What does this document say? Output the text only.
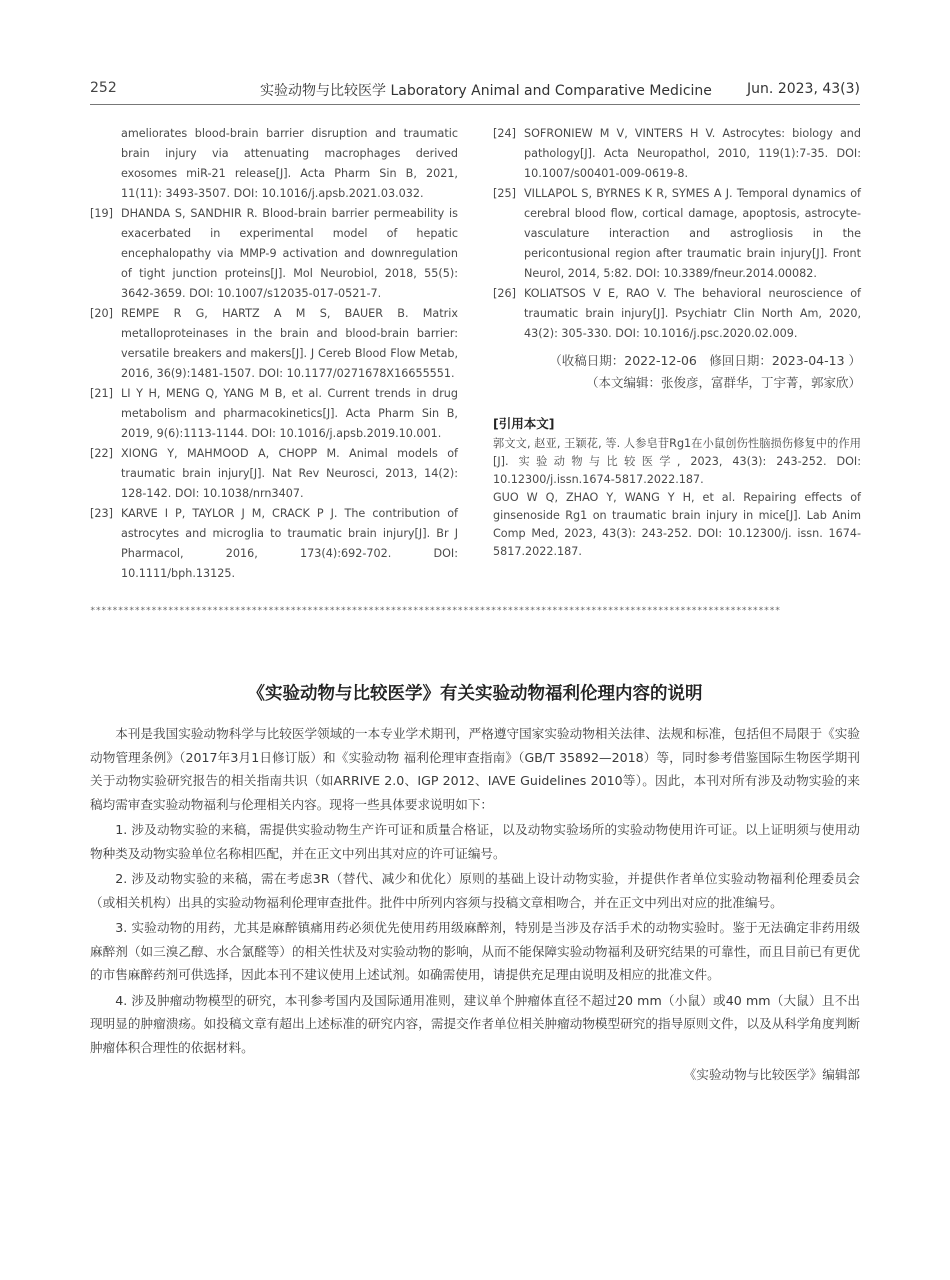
252	实验动物与比较医学 Laboratory Animal and Comparative Medicine	Jun. 2023, 43(3)
ameliorates blood-brain barrier disruption and traumatic brain injury via attenuating macrophages derived exosomes miR-21 release[J]. Acta Pharm Sin B, 2021, 11(11): 3493-3507. DOI: 10.1016/j.apsb.2021.03.032.
[19] DHANDA S, SANDHIR R. Blood-brain barrier permeability is exacerbated in experimental model of hepatic encephalopathy via MMP-9 activation and downregulation of tight junction proteins[J]. Mol Neurobiol, 2018, 55(5): 3642-3659. DOI: 10.1007/s12035-017-0521-7.
[20] REMPE R G, HARTZ A M S, BAUER B. Matrix metalloproteinases in the brain and blood-brain barrier: versatile breakers and makers[J]. J Cereb Blood Flow Metab, 2016, 36(9):1481-1507. DOI: 10.1177/0271678X16655551.
[21] LI Y H, MENG Q, YANG M B, et al. Current trends in drug metabolism and pharmacokinetics[J]. Acta Pharm Sin B, 2019, 9(6):1113-1144. DOI: 10.1016/j.apsb.2019.10.001.
[22] XIONG Y, MAHMOOD A, CHOPP M. Animal models of traumatic brain injury[J]. Nat Rev Neurosci, 2013, 14(2): 128-142. DOI: 10.1038/nrn3407.
[23] KARVE I P, TAYLOR J M, CRACK P J. The contribution of astrocytes and microglia to traumatic brain injury[J]. Br J Pharmacol, 2016, 173(4):692-702. DOI: 10.1111/bph.13125.
[24] SOFRONIEW M V, VINTERS H V. Astrocytes: biology and pathology[J]. Acta Neuropathol, 2010, 119(1):7-35. DOI: 10.1007/s00401-009-0619-8.
[25] VILLAPOL S, BYRNES K R, SYMES A J. Temporal dynamics of cerebral blood flow, cortical damage, apoptosis, astrocyte-vasculature interaction and astrogliosis in the pericontusional region after traumatic brain injury[J]. Front Neurol, 2014, 5:82. DOI: 10.3389/fneur.2014.00082.
[26] KOLIATSOS V E, RAO V. The behavioral neuroscience of traumatic brain injury[J]. Psychiatr Clin North Am, 2020, 43(2): 305-330. DOI: 10.1016/j.psc.2020.02.009.
（收稿日期：2022-12-06　修回日期：2023-04-13 ）
（本文编辑：张俊彦，富群华，丁宇菁，郭家欣）
[引用本文]
郭文文, 赵亚, 王颖花, 等. 人参皂苷Rg1在小鼠创伤性脑损伤修复中的作用[J]. 实验动物与比较医学, 2023, 43(3): 243-252. DOI: 10.12300/j.issn.1674-5817.2022.187.
GUO W Q, ZHAO Y, WANG Y H, et al. Repairing effects of ginsenoside Rg1 on traumatic brain injury in mice[J]. Lab Anim Comp Med, 2023, 43(3): 243-252. DOI: 10.12300/j. issn. 1674-5817.2022.187.
****************************************************************************************************************************
《实验动物与比较医学》有关实验动物福利伦理内容的说明

本刊是我国实验动物科学与比较医学领域的一本专业学术期刊，严格遵守国家实验动物相关法律、法规和标准，包括但不局限于《实验动物管理条例》（2017年3月1日修订版）和《实验动物 福利伦理审查指南》（GB/T 35892—2018）等，同时参考借鉴国际生物医学期刊关于动物实验研究报告的相关指南共识（如ARRIVE 2.0、IGP 2012、IAVE Guidelines 2010等）。因此，本刊对所有涉及动物实验的来稿均需审查实验动物福利与伦理相关内容。现将一些具体要求说明如下：

1. 涉及动物实验的来稿，需提供实验动物生产许可证和质量合格证，以及动物实验场所的实验动物使用许可证。以上证明须与使用动物种类及动物实验单位名称相匹配，并在正文中列出其对应的许可证编号。

2. 涉及动物实验的来稿，需在考虑3R（替代、减少和优化）原则的基础上设计动物实验，并提供作者单位实验动物福利伦理委员会（或相关机构）出具的实验动物福利伦理审查批件。批件中所列内容须与投稿文章相吻合，并在正文中列出对应的批准编号。

3. 实验动物的用药，尤其是麻醉镇痛用药必须优先使用药用级麻醉剂，特别是当涉及存活手术的动物实验时。鉴于无法确定非药用级麻醉剂（如三溴乙醇、水合氯醛等）的相关性状及对实验动物的影响，从而不能保障实验动物福利及研究结果的可靠性，而且目前已有更优的市售麻醉药剂可供选择，因此本刊不建议使用上述试剂。如确需使用，请提供充足理由说明及相应的批准文件。

4. 涉及肿瘤动物模型的研究，本刊参考国内及国际通用准则，建议单个肿瘤体直径不超过20 mm（小鼠）或40 mm（大鼠）且不出现明显的肿瘤溃疡。如投稿文章有超出上述标准的研究内容，需提交作者单位相关肿瘤动物模型研究的指导原则文件，以及从科学角度判断肿瘤体积合理性的依据材料。

《实验动物与比较医学》编辑部
